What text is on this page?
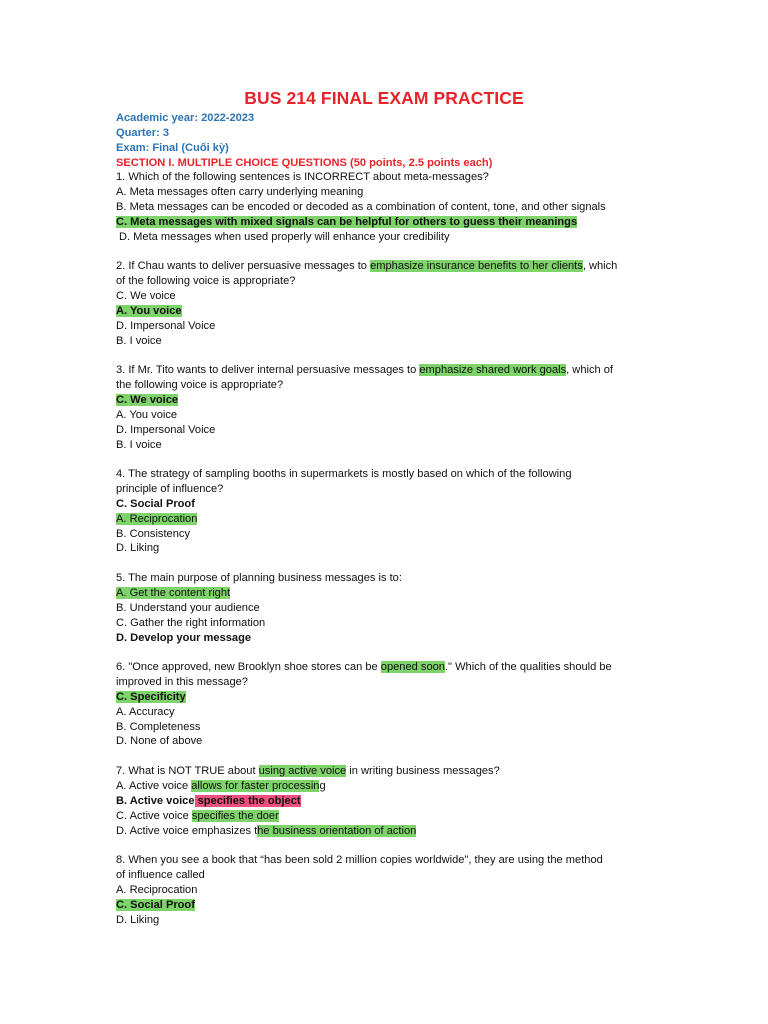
BUS 214 FINAL EXAM PRACTICE
Academic year: 2022-2023
Quarter: 3
Exam: Final (Cuối kỳ)
SECTION I. MULTIPLE CHOICE QUESTIONS (50 points, 2.5 points each)
1. Which of the following sentences is INCORRECT about meta-messages?
A. Meta messages often carry underlying meaning
B. Meta messages can be encoded or decoded as a combination of content, tone, and other signals
C. Meta messages with mixed signals can be helpful for others to guess their meanings
D. Meta messages when used properly will enhance your credibility
2. If Chau wants to deliver persuasive messages to emphasize insurance benefits to her clients, which
of the following voice is appropriate?
C. We voice
A. You voice
D. Impersonal Voice
B. I voice
3. If Mr. Tito wants to deliver internal persuasive messages to emphasize shared work goals, which of
the following voice is appropriate?
C. We voice
A. You voice
D. Impersonal Voice
B. I voice
4. The strategy of sampling booths in supermarkets is mostly based on which of the following
principle of influence?
C. Social Proof
A. Reciprocation
B. Consistency
D. Liking
5. The main purpose of planning business messages is to:
A. Get the content right
B. Understand your audience
C. Gather the right information
D. Develop your message
6. "Once approved, new Brooklyn shoe stores can be opened soon." Which of the qualities should be
improved in this message?
C. Specificity
A. Accuracy
B. Completeness
D. None of above
7. What is NOT TRUE about using active voice in writing business messages?
A. Active voice allows for faster processing
B. Active voice specifies the object
C. Active voice specifies the doer
D. Active voice emphasizes the business orientation of action
8. When you see a book that “has been sold 2 million copies worldwide", they are using the method
of influence called
A. Reciprocation
C. Social Proof
D. Liking
